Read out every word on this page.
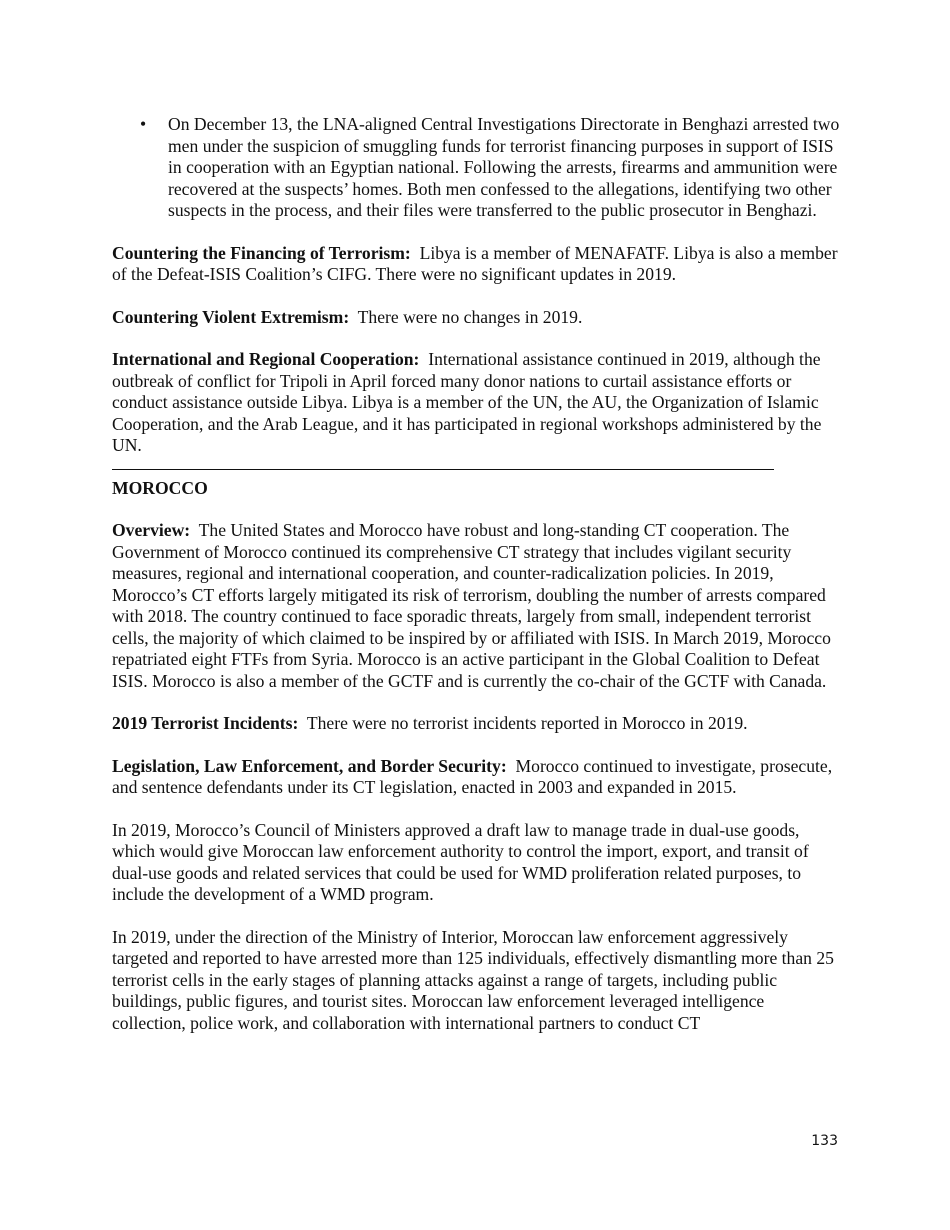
• On December 13, the LNA-aligned Central Investigations Directorate in Benghazi arrested two men under the suspicion of smuggling funds for terrorist financing purposes in support of ISIS in cooperation with an Egyptian national. Following the arrests, firearms and ammunition were recovered at the suspects’ homes. Both men confessed to the allegations, identifying two other suspects in the process, and their files were transferred to the public prosecutor in Benghazi.

Countering the Financing of Terrorism: Libya is a member of MENAFATF. Libya is also a member of the Defeat-ISIS Coalition’s CIFG. There were no significant updates in 2019.

Countering Violent Extremism: There were no changes in 2019.

International and Regional Cooperation: International assistance continued in 2019, although the outbreak of conflict for Tripoli in April forced many donor nations to curtail assistance efforts or conduct assistance outside Libya. Libya is a member of the UN, the AU, the Organization of Islamic Cooperation, and the Arab League, and it has participated in regional workshops administered by the UN.

MOROCCO

Overview: The United States and Morocco have robust and long-standing CT cooperation. The Government of Morocco continued its comprehensive CT strategy that includes vigilant security measures, regional and international cooperation, and counter-radicalization policies. In 2019, Morocco’s CT efforts largely mitigated its risk of terrorism, doubling the number of arrests compared with 2018. The country continued to face sporadic threats, largely from small, independent terrorist cells, the majority of which claimed to be inspired by or affiliated with ISIS. In March 2019, Morocco repatriated eight FTFs from Syria. Morocco is an active participant in the Global Coalition to Defeat ISIS. Morocco is also a member of the GCTF and is currently the co-chair of the GCTF with Canada.

2019 Terrorist Incidents: There were no terrorist incidents reported in Morocco in 2019.

Legislation, Law Enforcement, and Border Security: Morocco continued to investigate, prosecute, and sentence defendants under its CT legislation, enacted in 2003 and expanded in 2015.

In 2019, Morocco’s Council of Ministers approved a draft law to manage trade in dual-use goods, which would give Moroccan law enforcement authority to control the import, export, and transit of dual-use goods and related services that could be used for WMD proliferation related purposes, to include the development of a WMD program.

In 2019, under the direction of the Ministry of Interior, Moroccan law enforcement aggressively targeted and reported to have arrested more than 125 individuals, effectively dismantling more than 25 terrorist cells in the early stages of planning attacks against a range of targets, including public buildings, public figures, and tourist sites. Moroccan law enforcement leveraged intelligence collection, police work, and collaboration with international partners to conduct CT

133
